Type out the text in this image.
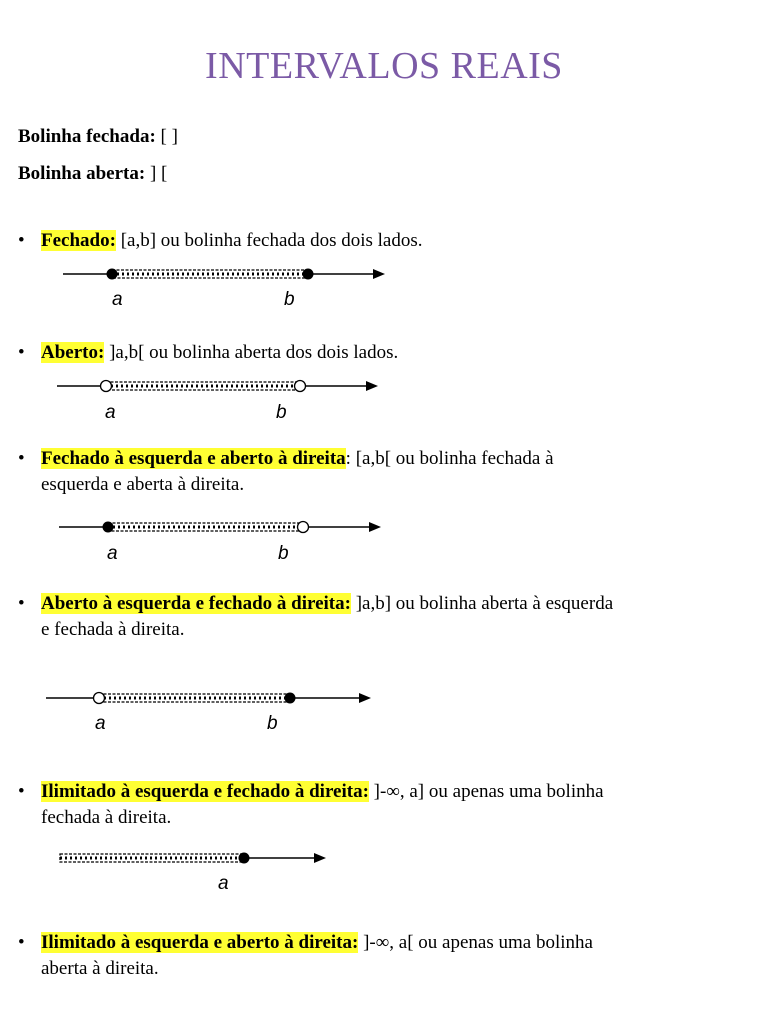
INTERVALOS REAIS
Bolinha fechada: [ ]
Bolinha aberta: ] [
• Fechado: [a,b] ou bolinha fechada dos dois lados.
a	b
• Aberto: ]a,b[ ou bolinha aberta dos dois lados.
a	b
• Fechado à esquerda e aberto à direita: [a,b[ ou bolinha fechada à
esquerda e aberta à direita.
a	b
• Aberto à esquerda e fechado à direita: ]a,b] ou bolinha aberta à esquerda
e fechada à direita.
a	b
• Ilimitado à esquerda e fechado à direita: ]-∞, a] ou apenas uma bolinha
fechada à direita.
a
• Ilimitado à esquerda e aberto à direita: ]-∞, a[ ou apenas uma bolinha
aberta à direita.
